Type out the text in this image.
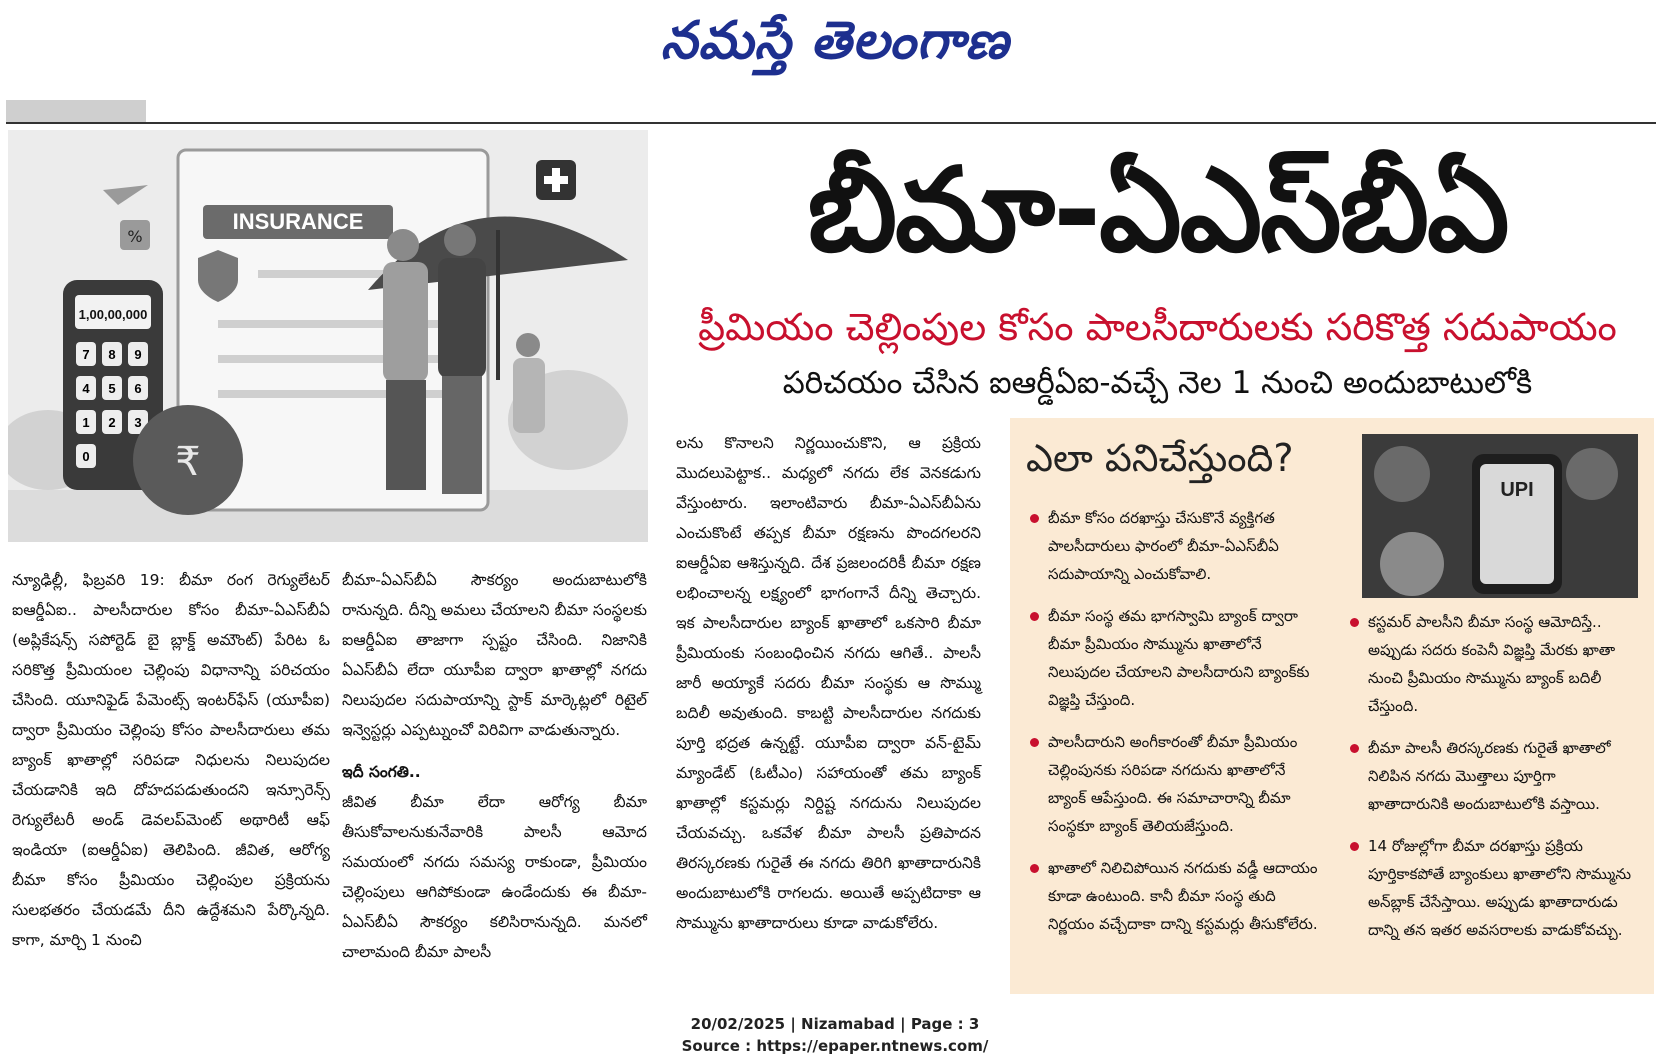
నమస్తే తెలంగాణ
INSURANCE
1,00,00,000
7 8 9
4 5 6
1 2 3
0 ₹
%	బీమా-ఏఎస్‌బీఏ
ప్రీమియం చెల్లింపుల కోసం పాలసీదారులకు సరికొత్త సదుపాయం
పరిచయం చేసిన ఐఆర్డీఏఐ-వచ్చే నెల 1 నుంచి అందుబాటులోకి

న్యూఢిల్లీ, ఫిబ్రవరి 19: బీమా రంగ రెగ్యులేటర్ ఐఆర్డీఏఐ.. పాలసీదారుల కోసం బీమా-ఏఎస్‌బీఏ (అప్లికేషన్స్ సపోర్టెడ్ బై బ్లాక్డ్ అమౌంట్) పేరిట ఓ సరికొత్త ప్రీమియంల చెల్లింపు విధానాన్ని పరిచయం చేసింది. యూనిఫైడ్ పేమెంట్స్ ఇంటర్‌ఫేస్ (యూపీఐ) ద్వారా ప్రీమియం చెల్లింపు కోసం పాలసీదారులు తమ బ్యాంక్ ఖాతాల్లో సరిపడా నిధులను నిలుపుదల చేయడానికి ఇది దోహదపడుతుందని ఇన్సూరెన్స్ రెగ్యులేటరీ అండ్ డెవలప్‌మెంట్ అథారిటీ ఆఫ్ ఇండియా (ఐఆర్డీఏఐ) తెలిపింది. జీవిత, ఆరోగ్య బీమా కోసం ప్రీమియం చెల్లింపుల ప్రక్రియను సులభతరం చేయడమే దీని ఉద్దేశమని పేర్కొన్నది. కాగా, మార్చి 1 నుంచి

బీమా-ఏఎస్‌బీఏ సౌకర్యం అందుబాటులోకి రానున్నది. దీన్ని అమలు చేయాలని బీమా సంస్థలకు ఐఆర్డీఏఐ తాజాగా స్పష్టం చేసింది. నిజానికి ఏఎస్‌బీఏ లేదా యూపీఐ ద్వారా ఖాతాల్లో నగదు నిలుపుదల సదుపాయాన్ని స్టాక్ మార్కెట్లలో రిటైల్ ఇన్వెస్టర్లు ఎప్పట్నుంచో విరివిగా వాడుతున్నారు.

ఇదీ సంగతి..

జీవిత బీమా లేదా ఆరోగ్య బీమా తీసుకోవాలనుకునేవారికి పాలసీ ఆమోద సమయంలో నగదు సమస్య రాకుండా, ప్రీమియం చెల్లింపులు ఆగిపోకుండా ఉండేందుకు ఈ బీమా-ఏఎస్‌బీఏ సౌకర్యం కలిసిరానున్నది. మనలో చాలామంది బీమా పాలసీ

లను కొనాలని నిర్ణయించుకొని, ఆ ప్రక్రియ మొదలుపెట్టాక.. మధ్యలో నగదు లేక వెనకడుగు వేస్తుంటారు. ఇలాంటివారు బీమా-ఏఎస్‌బీఏను ఎంచుకొంటే తప్పక బీమా రక్షణను పొందగలరని ఐఆర్డీఏఐ ఆశిస్తున్నది. దేశ ప్రజలందరికీ బీమా రక్షణ లభించాలన్న లక్ష్యంలో భాగంగానే దీన్ని తెచ్చారు. ఇక పాలసీదారుల బ్యాంక్ ఖాతాలో ఒకసారి బీమా ప్రీమియంకు సంబంధించిన నగదు ఆగితే.. పాలసీ జారీ అయ్యాకే సదరు బీమా సంస్థకు ఆ సొమ్ము బదిలీ అవుతుంది. కాబట్టి పాలసీదారుల నగదుకు పూర్తి భద్రత ఉన్నట్టే. యూపీఐ ద్వారా వన్-టైమ్ మ్యాండేట్ (ఓటీఎం) సహాయంతో తమ బ్యాంక్ ఖాతాల్లో కస్టమర్లు నిర్దిష్ట నగదును నిలుపుదల చేయవచ్చు. ఒకవేళ బీమా పాలసీ ప్రతిపాదన తిరస్కరణకు గురైతే ఈ నగదు తిరిగి ఖాతాదారునికి అందుబాటులోకి రాగలదు. అయితే అప్పటిదాకా ఆ సొమ్మును ఖాతాదారులు కూడా వాడుకోలేరు.

ఎలా పనిచేస్తుంది?
UPI
బీమా కోసం దరఖాస్తు చేసుకొనే వ్యక్తిగత పాలసీదారులు ఫారంలో బీమా-ఏఎస్‌బీఏ సదుపాయాన్ని ఎంచుకోవాలి.
బీమా సంస్థ తమ భాగస్వామి బ్యాంక్ ద్వారా బీమా ప్రీమియం సొమ్మును ఖాతాలోనే నిలుపుదల చేయాలని పాలసీదారుని బ్యాంక్‌కు విజ్ఞప్తి చేస్తుంది.
పాలసీదారుని అంగీకారంతో బీమా ప్రీమియం చెల్లింపునకు సరిపడా నగదును ఖాతాలోనే బ్యాంక్ ఆపేస్తుంది. ఈ సమాచారాన్ని బీమా సంస్థకూ బ్యాంక్ తెలియజేస్తుంది.
ఖాతాలో నిలిచిపోయిన నగదుకు వడ్డీ ఆదాయం కూడా ఉంటుంది. కానీ బీమా సంస్థ తుది నిర్ణయం వచ్చేదాకా దాన్ని కస్టమర్లు తీసుకోలేరు.
కస్టమర్ పాలసీని బీమా సంస్థ ఆమోదిస్తే.. అప్పుడు సదరు కంపెనీ విజ్ఞప్తి మేరకు ఖాతా నుంచి ప్రీమియం సొమ్మును బ్యాంక్ బదిలీ చేస్తుంది.
బీమా పాలసీ తిరస్కరణకు గురైతే ఖాతాలో నిలిపిన నగదు మొత్తాలు పూర్తిగా ఖాతాదారునికి అందుబాటులోకి వస్తాయి.
14 రోజుల్లోగా బీమా దరఖాస్తు ప్రక్రియ పూర్తికాకపోతే బ్యాంకులు ఖాతాలోని సొమ్మును అన్‌బ్లాక్ చేసేస్తాయి. అప్పుడు ఖాతాదారుడు దాన్ని తన ఇతర అవసరాలకు వాడుకోవచ్చు.
20/02/2025 | Nizamabad | Page : 3
Source : https://epaper.ntnews.com/
